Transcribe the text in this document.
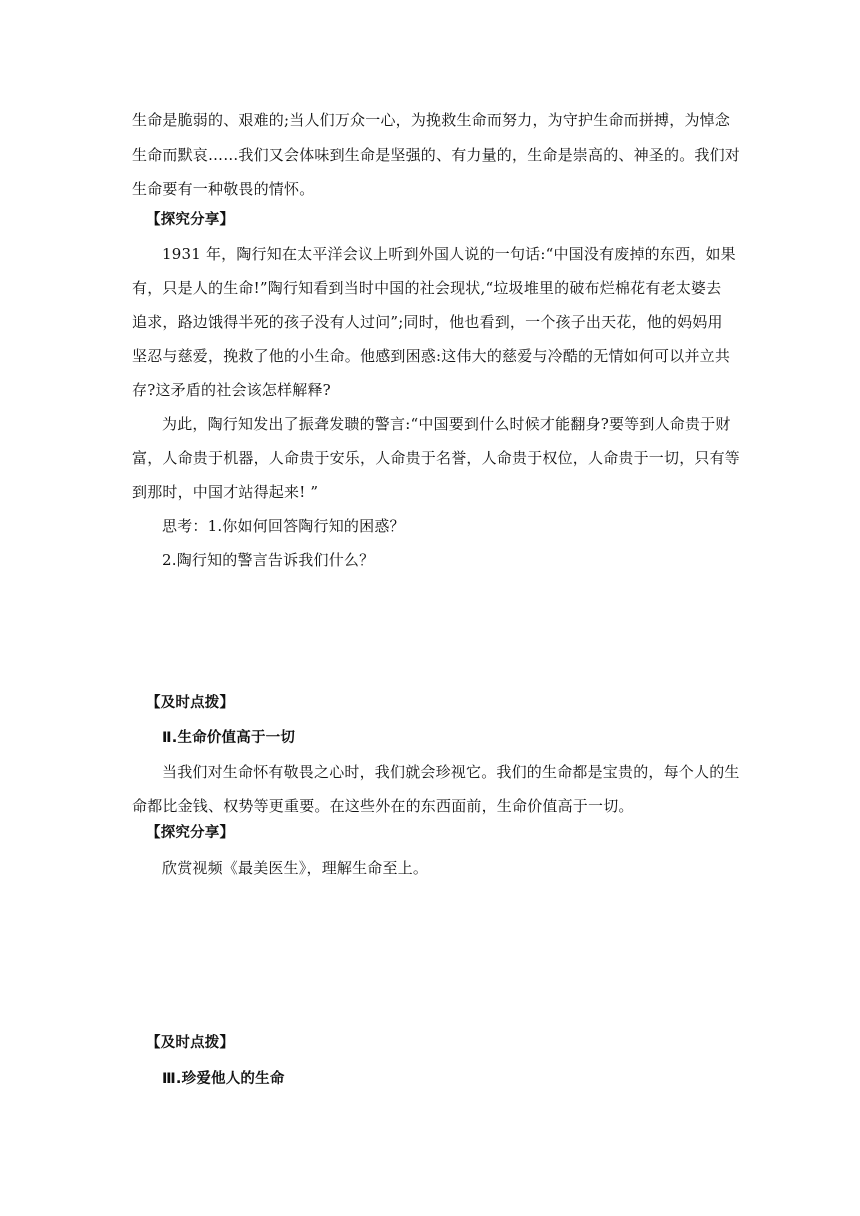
生命是脆弱的、艰难的;当人们万众一心，为挽救生命而努力，为守护生命而拼搏，为悼念
生命而默哀……我们又会体味到生命是坚强的、有力量的，生命是崇高的、神圣的。我们对
生命要有一种敬畏的情怀。
【探究分享】
1931 年，陶行知在太平洋会议上听到外国人说的一句话:“中国没有废掉的东西，如果
有，只是人的生命!”陶行知看到当时中国的社会现状,“垃圾堆里的破布烂棉花有老太婆去
追求，路边饿得半死的孩子没有人过问”;同时，他也看到，一个孩子出天花，他的妈妈用
坚忍与慈爱，挽救了他的小生命。他感到困惑:这伟大的慈爱与冷酷的无情如何可以并立共
存?这矛盾的社会该怎样解释?
为此，陶行知发出了振聋发聩的警言:“中国要到什么时候才能翻身?要等到人命贵于财
富，人命贵于机器，人命贵于安乐，人命贵于名誉，人命贵于权位，人命贵于一切，只有等
到那时，中国才站得起来! ”
思考：1.你如何回答陶行知的困惑？
2.陶行知的警言告诉我们什么？
【及时点拨】
Ⅱ.生命价值高于一切
当我们对生命怀有敬畏之心时，我们就会珍视它。我们的生命都是宝贵的，每个人的生
命都比金钱、权势等更重要。在这些外在的东西面前，生命价值高于一切。
【探究分享】
欣赏视频《最美医生》，理解生命至上。
【及时点拨】
Ⅲ.珍爱他人的生命
